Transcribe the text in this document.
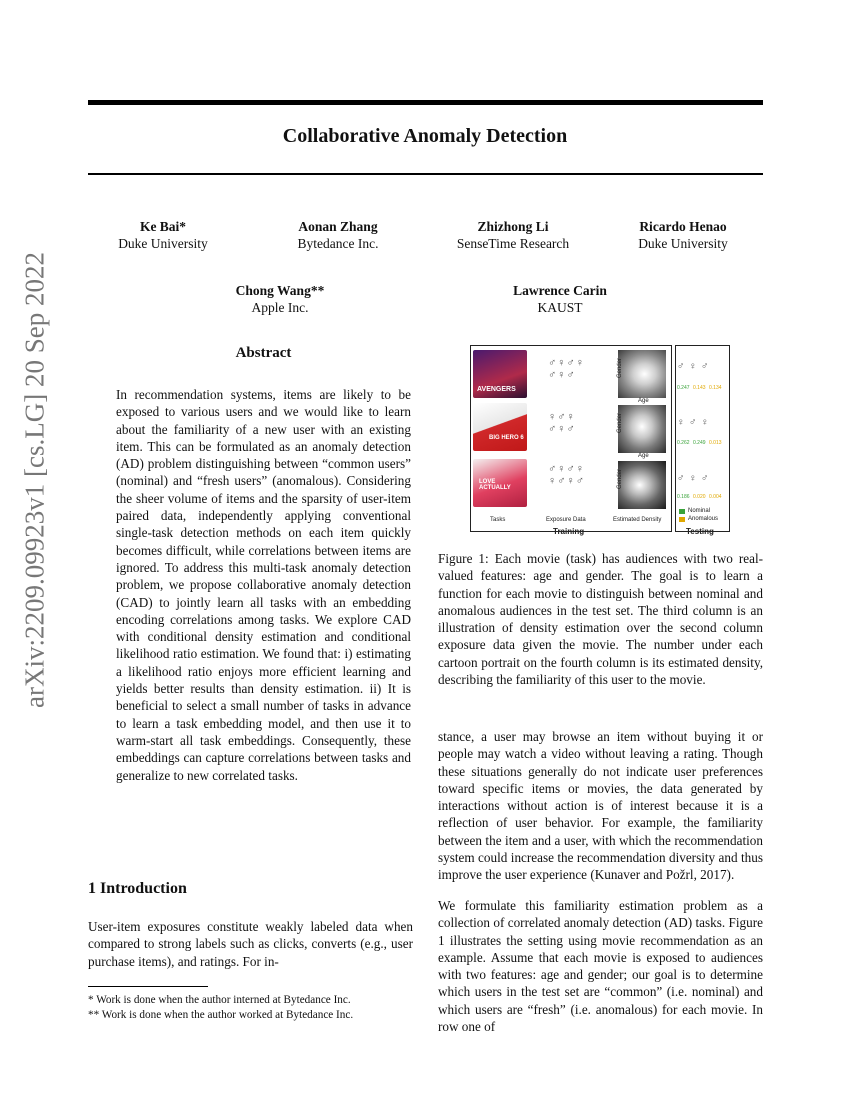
arXiv:2209.09923v1 [cs.LG] 20 Sep 2022
Collaborative Anomaly Detection
Ke Bai*
Duke University
Aonan Zhang
Bytedance Inc.
Zhizhong Li
SenseTime Research
Ricardo Henao
Duke University
Chong Wang**
Apple Inc.
Lawrence Carin
KAUST
Abstract
In recommendation systems, items are likely to be exposed to various users and we would like to learn about the familiarity of a new user with an existing item. This can be formulated as an anomaly detection (AD) problem distinguishing between “common users” (nominal) and “fresh users” (anomalous). Considering the sheer volume of items and the sparsity of user-item paired data, independently applying conventional single-task detection methods on each item quickly becomes difficult, while correlations between items are ignored. To address this multi-task anomaly detection problem, we propose collaborative anomaly detection (CAD) to jointly learn all tasks with an embedding encoding correlations among tasks. We explore CAD with conditional density estimation and conditional likelihood ratio estimation. We found that: i) estimating a likelihood ratio enjoys more efficient learning and yields better results than density estimation. ii) It is beneficial to select a small number of tasks in advance to learn a task embedding model, and then use it to warm-start all task embeddings. Consequently, these embeddings can capture correlations between tasks and generalize to new correlated tasks.
1 Introduction
User-item exposures constitute weakly labeled data when compared to strong labels such as clicks, converts (e.g., user purchase items), and ratings. For in-
* Work is done when the author interned at Bytedance Inc.
** Work is done when the author worked at Bytedance Inc.
AVENGERS
BIG HERO 6
LOVE ACTUALLY
♂♀♂♀
♂♀♂
♀♂♀
♂♀♂
♂♀♂♀
♀♂♀♂
Gender
Age
Gender
Age
Gender
♂ ♀ ♂
0.247 0.143 0.134
♀ ♂ ♀
0.262 0.249 0.013
♂ ♀ ♂
0.186 0.020 0.004
Nominal
Anomalous
Tasks	Exposure Data	Estimated Density
Training	Testing
Figure 1: Each movie (task) has audiences with two real-valued features: age and gender. The goal is to learn a function for each movie to distinguish between nominal and anomalous audiences in the test set. The third column is an illustration of density estimation over the second column exposure data given the movie. The number under each cartoon portrait on the fourth column is its estimated density, describing the familiarity of this user to the movie.
stance, a user may browse an item without buying it or people may watch a video without leaving a rating. Though these situations generally do not indicate user preferences toward specific items or movies, the data generated by interactions without action is of interest because it is a reflection of user behavior. For example, the familiarity between the item and a user, with which the recommendation system could increase the recommendation diversity and thus improve the user experience (Kunaver and Požrl, 2017).
We formulate this familiarity estimation problem as a collection of correlated anomaly detection (AD) tasks. Figure 1 illustrates the setting using movie recommendation as an example. Assume that each movie is exposed to audiences with two features: age and gender; our goal is to determine which users in the test set are “common” (i.e. nominal) and which users are “fresh” (i.e. anomalous) for each movie. In row one of
